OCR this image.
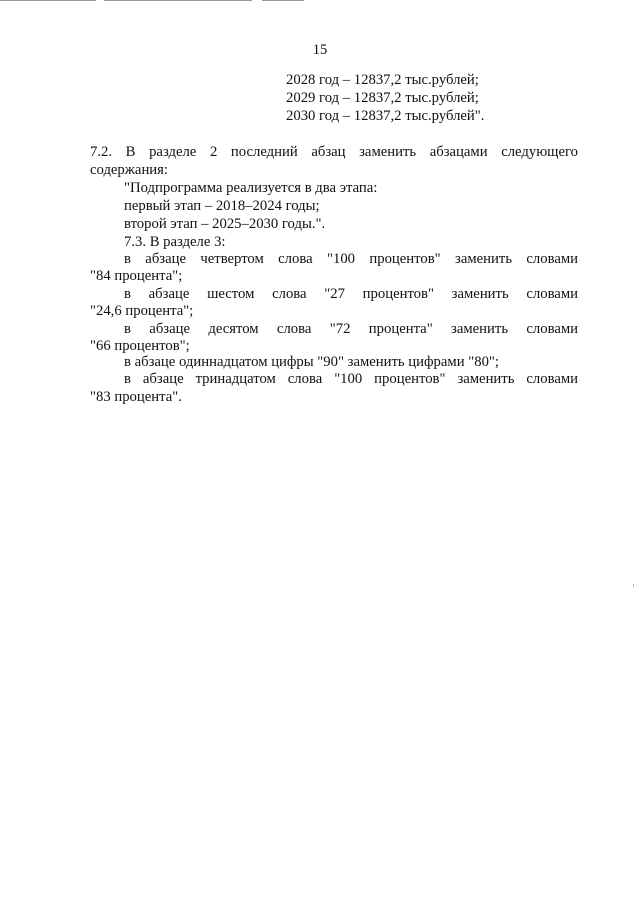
15
2028 год – 12837,2 тыс.рублей;
2029 год – 12837,2 тыс.рублей;
2030 год – 12837,2 тыс.рублей".
7.2. В разделе 2 последний абзац заменить абзацами следующего
содержания:
"Подпрограмма реализуется в два этапа:
первый этап – 2018–2024 годы;
второй этап – 2025–2030 годы.".
7.3. В разделе 3:
в абзаце четвертом слова "100 процентов" заменить словами
"84 процента";
в абзаце шестом слова "27 процентов" заменить словами
"24,6 процента";
в абзаце десятом слова "72 процента" заменить словами
"66 процентов";
в абзаце одиннадцатом цифры "90" заменить цифрами "80";
в абзаце тринадцатом слова "100 процентов" заменить словами
"83 процента".
